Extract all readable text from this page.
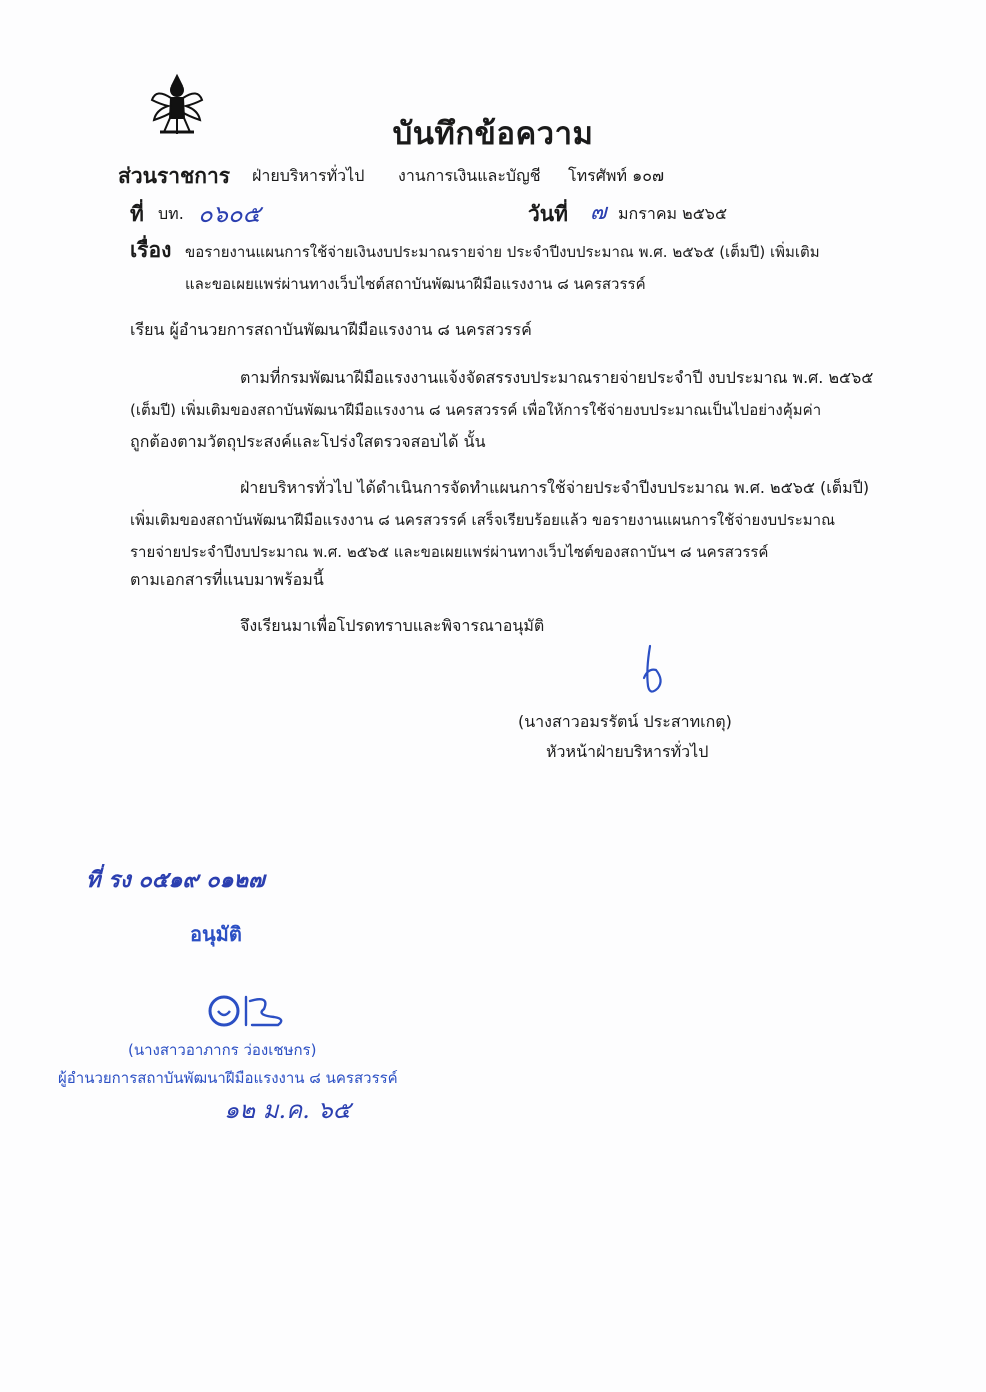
บันทึกข้อความ
ส่วนราชการ ฝ่ายบริหารทั่วไป งานการเงินและบัญชี โทรศัพท์ ๑๐๗
ที่ บท. ๐๖๐๕	วันที่ ๗ มกราคม ๒๕๖๕
เรื่อง ขอรายงานแผนการใช้จ่ายเงินงบประมาณรายจ่าย ประจำปีงบประมาณ พ.ศ. ๒๕๖๕ (เต็มปี) เพิ่มเติม
และขอเผยแพร่ผ่านทางเว็บไซต์สถาบันพัฒนาฝีมือแรงงาน ๘ นครสวรรค์
เรียน ผู้อำนวยการสถาบันพัฒนาฝีมือแรงงาน ๘ นครสวรรค์
ตามที่กรมพัฒนาฝีมือแรงงานแจ้งจัดสรรงบประมาณรายจ่ายประจำปี งบประมาณ พ.ศ. ๒๕๖๕
(เต็มปี) เพิ่มเติมของสถาบันพัฒนาฝีมือแรงงาน ๘ นครสวรรค์ เพื่อให้การใช้จ่ายงบประมาณเป็นไปอย่างคุ้มค่า
ถูกต้องตามวัตถุประสงค์และโปร่งใสตรวจสอบได้ นั้น
ฝ่ายบริหารทั่วไป ได้ดำเนินการจัดทำแผนการใช้จ่ายประจำปีงบประมาณ พ.ศ. ๒๕๖๕ (เต็มปี)
เพิ่มเติมของสถาบันพัฒนาฝีมือแรงงาน ๘ นครสวรรค์ เสร็จเรียบร้อยแล้ว ขอรายงานแผนการใช้จ่ายงบประมาณ
รายจ่ายประจำปีงบประมาณ พ.ศ. ๒๕๖๕ และขอเผยแพร่ผ่านทางเว็บไซต์ของสถาบันฯ ๘ นครสวรรค์
ตามเอกสารที่แนบมาพร้อมนี้
จึงเรียนมาเพื่อโปรดทราบและพิจารณาอนุมัติ
(นางสาวอมรรัตน์ ประสาทเกตุ)
หัวหน้าฝ่ายบริหารทั่วไป
ที่ รง ๐๕๑๙ ๐๑๒๗
อนุมัติ
(นางสาวอาภากร ว่องเชษกร)
ผู้อำนวยการสถาบันพัฒนาฝีมือแรงงาน ๘ นครสวรรค์
๑๒ ม.ค. ๖๕
